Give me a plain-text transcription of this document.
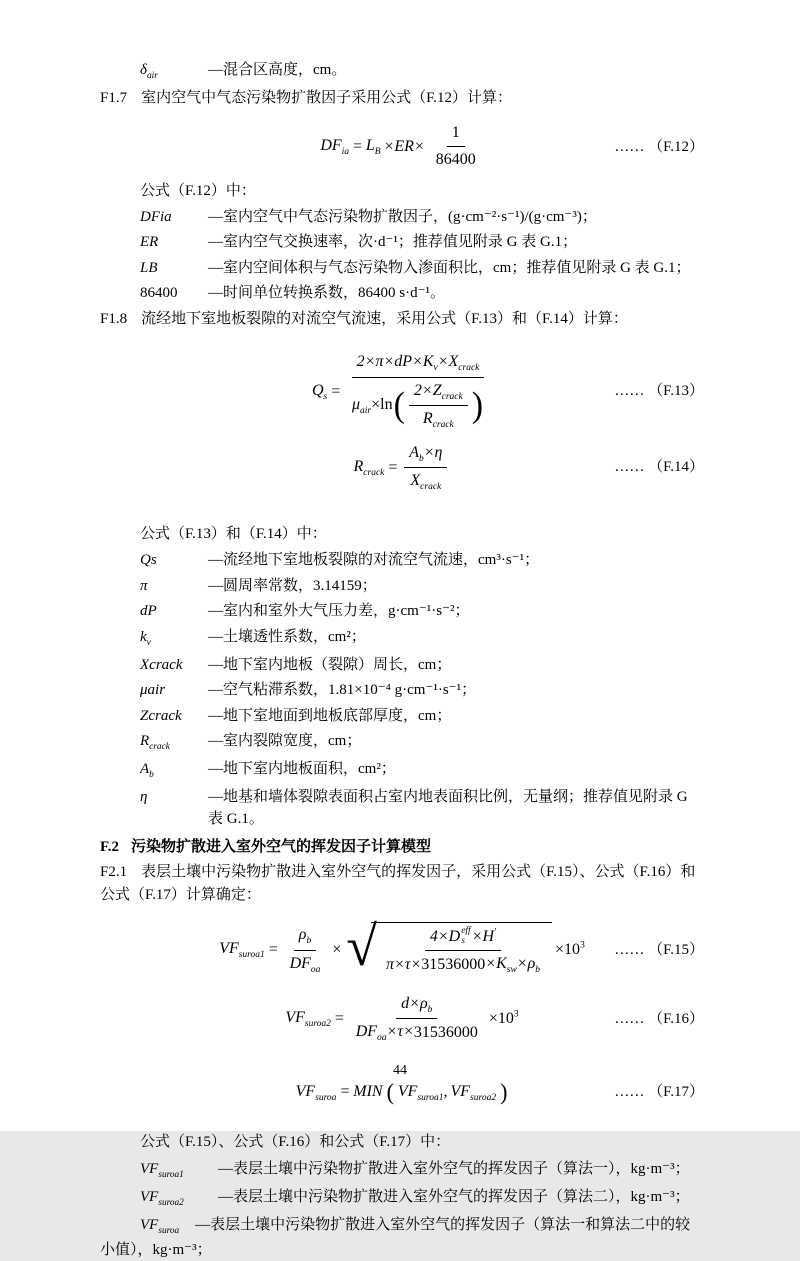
$\delta_{air}$	—混合区高度，cm。

F1.7 室内空气中气态污染物扩散因子采用公式（F.12）计算：

$DF_{ia} = L_B \times ER\times \frac{1}{86400}$	…… （F.12）

公式（F.12）中：

DFia	—室内空气中气态污染物扩散因子，(g·cm⁻²·s⁻¹)/(g·cm⁻³)；
ER	—室内空气交换速率，次·d⁻¹；推荐值见附录 G 表 G.1；
LB	—室内空间体积与气态污染物入渗面积比，cm；推荐值见附录 G 表 G.1；
86400	—时间单位转换系数，86400 s·d⁻¹。

F1.8 流经地下室地板裂隙的对流空气流速，采用公式（F.13）和（F.14）计算：

$Q_s$ =
$2\times\pi\times dP\times K_v\times X_{crack}$
$\mu_{air}\times\ln$ ( $\frac{2\times Z_{crack}}{R_{crack}}$ )	…… （F.13）
$R_{crack} = \frac{A_b\times\eta}{X_{crack}}$	…… （F.14）

公式（F.13）和（F.14）中：

Qs	—流经地下室地板裂隙的对流空气流速，cm³·s⁻¹；
π	—圆周率常数，3.14159；
dP	—室内和室外大气压力差，g·cm⁻¹·s⁻²；
$k_v$	—土壤透性系数，cm²；
Xcrack	—地下室内地板（裂隙）周长，cm；
μair	—空气粘滞系数，1.81×10⁻⁴ g·cm⁻¹·s⁻¹；
Zcrack	—地下室地面到地板底部厚度，cm；
$R_{crack}$	—室内裂隙宽度，cm；
$A_b$	—地下室内地板面积，cm²；
η	—地基和墙体裂隙表面积占室内地表面积比例，无量纲；推荐值见附录 G 表 G.1。

F.2 污染物扩散进入室外空气的挥发因子计算模型

F2.1 表层土壤中污染物扩散进入室外空气的挥发因子，采用公式（F.15）、公式（F.16）和公式（F.17）计算确定：

$VF_{suroa1} = \frac{\rho_b}{DF_{oa}}$ × √ 4×D eff
s ×H′
$\pi\times\tau\times 31536000 \times K_{sw}\times\rho_b \times 10^3$ …… （F.15）
$VF_{suroa2} = \frac{d\times\rho_b}{DF_{oa}\times\tau\times 31536000} \times 10^3$	…… （F.16）
$VF_{suroa}$ = MIN ( $VF_{suroa1}$, $VF_{suroa2}$ )	…… （F.17）

公式（F.15）、公式（F.16）和公式（F.17）中：

$VF_{suroa1}$	—表层土壤中污染物扩散进入室外空气的挥发因子（算法一），kg·m⁻³；
$VF_{suroa2}$	—表层土壤中污染物扩散进入室外空气的挥发因子（算法二），kg·m⁻³；
$VF_{suroa}$ —表层土壤中污染物扩散进入室外空气的挥发因子（算法一和算法二中的较小值），kg·m⁻³；
44
